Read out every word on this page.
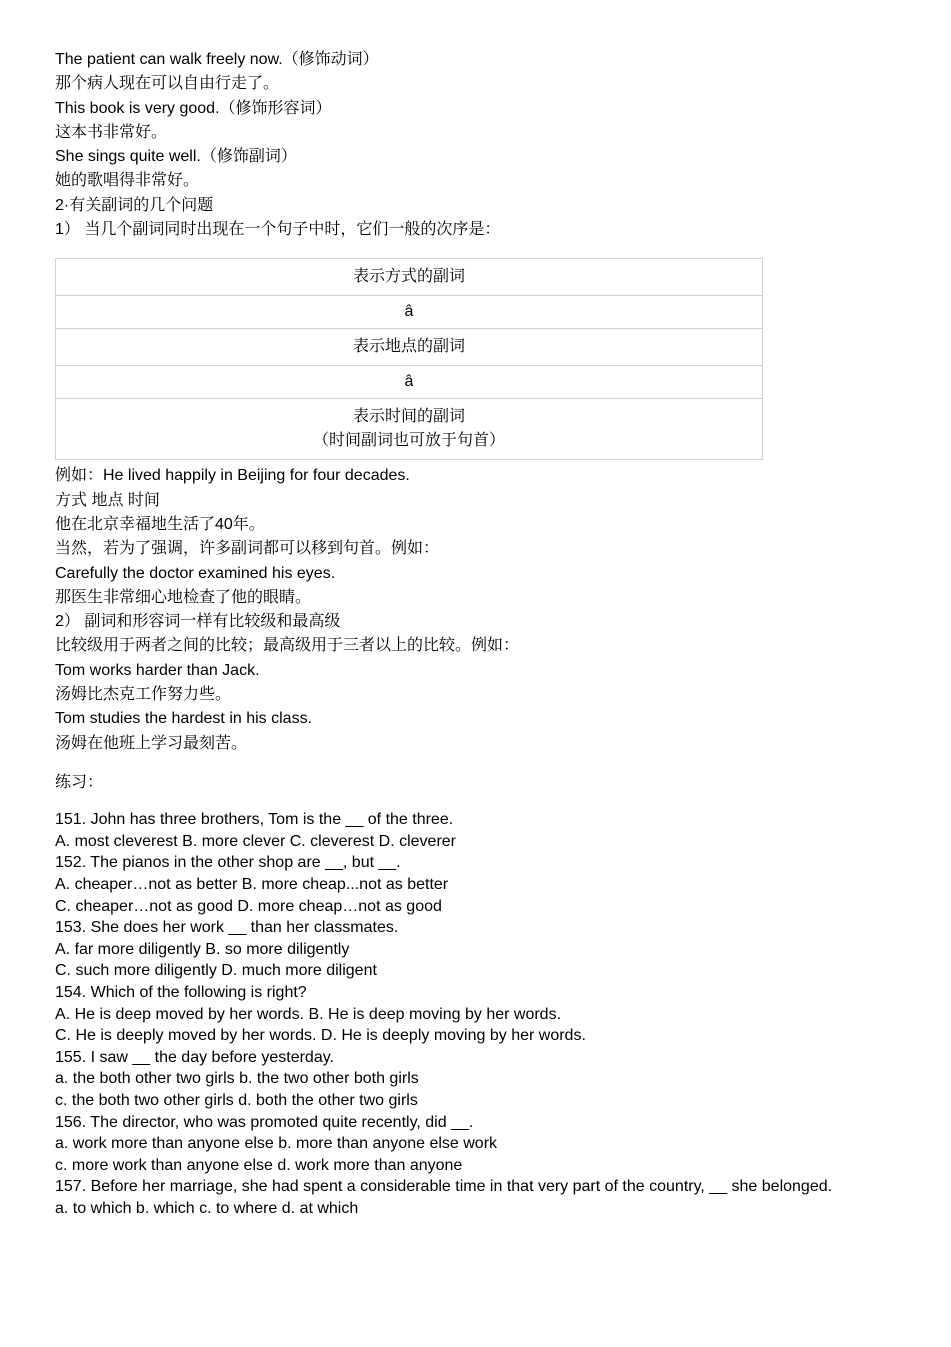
The patient can walk freely now.（修饰动词）
那个病人现在可以自由行走了。
This book is very good.（修饰形容词）
这本书非常好。
She sings quite well.（修饰副词）
她的歌唱得非常好。
2·有关副词的几个问题
1） 当几个副词同时出现在一个句子中时，它们一般的次序是：
表示方式的副词
â
表示地点的副词
â

表示时间的副词
（时间副词也可放于句首）
例如：He lived happily in Beijing for four decades.
方式 地点 时间
他在北京幸福地生活了40年。
当然，若为了强调，许多副词都可以移到句首。例如：
Carefully the doctor examined his eyes.
那医生非常细心地检查了他的眼睛。
2） 副词和形容词一样有比较级和最高级
比较级用于两者之间的比较；最高级用于三者以上的比较。例如：
Tom works harder than Jack.
汤姆比杰克工作努力些。
Tom studies the hardest in his class.
汤姆在他班上学习最刻苦。
练习：
151. John has three brothers, Tom is the __ of the three.
A. most cleverest B. more clever C. cleverest D. cleverer
152. The pianos in the other shop are __, but __.
A. cheaper…not as better B. more cheap...not as better
C. cheaper…not as good D. more cheap…not as good
153. She does her work __ than her classmates.
A. far more diligently B. so more diligently
C. such more diligently D. much more diligent
154. Which of the following is right?
A. He is deep moved by her words. B. He is deep moving by her words.
C. He is deeply moved by her words. D. He is deeply moving by her words.
155. I saw __ the day before yesterday.
a. the both other two girls b. the two other both girls
c. the both two other girls d. both the other two girls
156. The director, who was promoted quite recently, did __.
a. work more than anyone else b. more than anyone else work
c. more work than anyone else d. work more than anyone
157. Before her marriage, she had spent a considerable time in that very part of the country, __ she belonged.
a. to which b. which c. to where d. at which
